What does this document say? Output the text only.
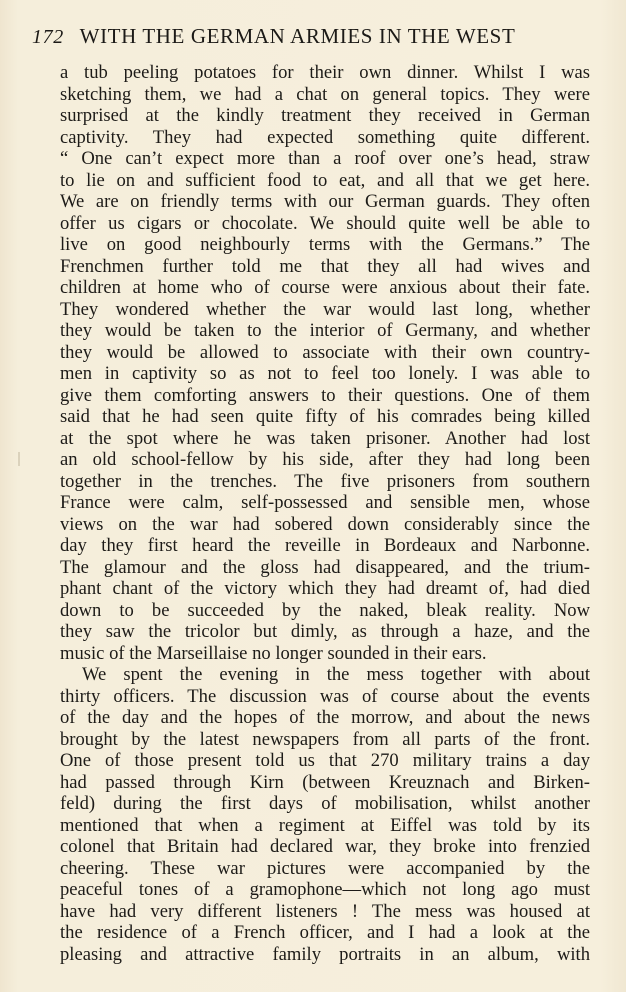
172 WITH THE GERMAN ARMIES IN THE WEST
a tub peeling potatoes for their own dinner. Whilst I was
sketching them, we had a chat on general topics. They were
surprised at the kindly treatment they received in German
captivity. They had expected something quite different.
“ One can’t expect more than a roof over one’s head, straw
to lie on and sufficient food to eat, and all that we get here.
We are on friendly terms with our German guards. They often
offer us cigars or chocolate. We should quite well be able to
live on good neighbourly terms with the Germans.” The
Frenchmen further told me that they all had wives and
children at home who of course were anxious about their fate.
They wondered whether the war would last long, whether
they would be taken to the interior of Germany, and whether
they would be allowed to associate with their own country-
men in captivity so as not to feel too lonely. I was able to
give them comforting answers to their questions. One of them
said that he had seen quite fifty of his comrades being killed
at the spot where he was taken prisoner. Another had lost
an old school-fellow by his side, after they had long been
together in the trenches. The five prisoners from southern
France were calm, self-possessed and sensible men, whose
views on the war had sobered down considerably since the
day they first heard the reveille in Bordeaux and Narbonne.
The glamour and the gloss had disappeared, and the trium-
phant chant of the victory which they had dreamt of, had died
down to be succeeded by the naked, bleak reality. Now
they saw the tricolor but dimly, as through a haze, and the
music of the Marseillaise no longer sounded in their ears.
We spent the evening in the mess together with about
thirty officers. The discussion was of course about the events
of the day and the hopes of the morrow, and about the news
brought by the latest newspapers from all parts of the front.
One of those present told us that 270 military trains a day
had passed through Kirn (between Kreuznach and Birken-
feld) during the first days of mobilisation, whilst another
mentioned that when a regiment at Eiffel was told by its
colonel that Britain had declared war, they broke into frenzied
cheering. These war pictures were accompanied by the
peaceful tones of a gramophone—which not long ago must
have had very different listeners ! The mess was housed at
the residence of a French officer, and I had a look at the
pleasing and attractive family portraits in an album, with
